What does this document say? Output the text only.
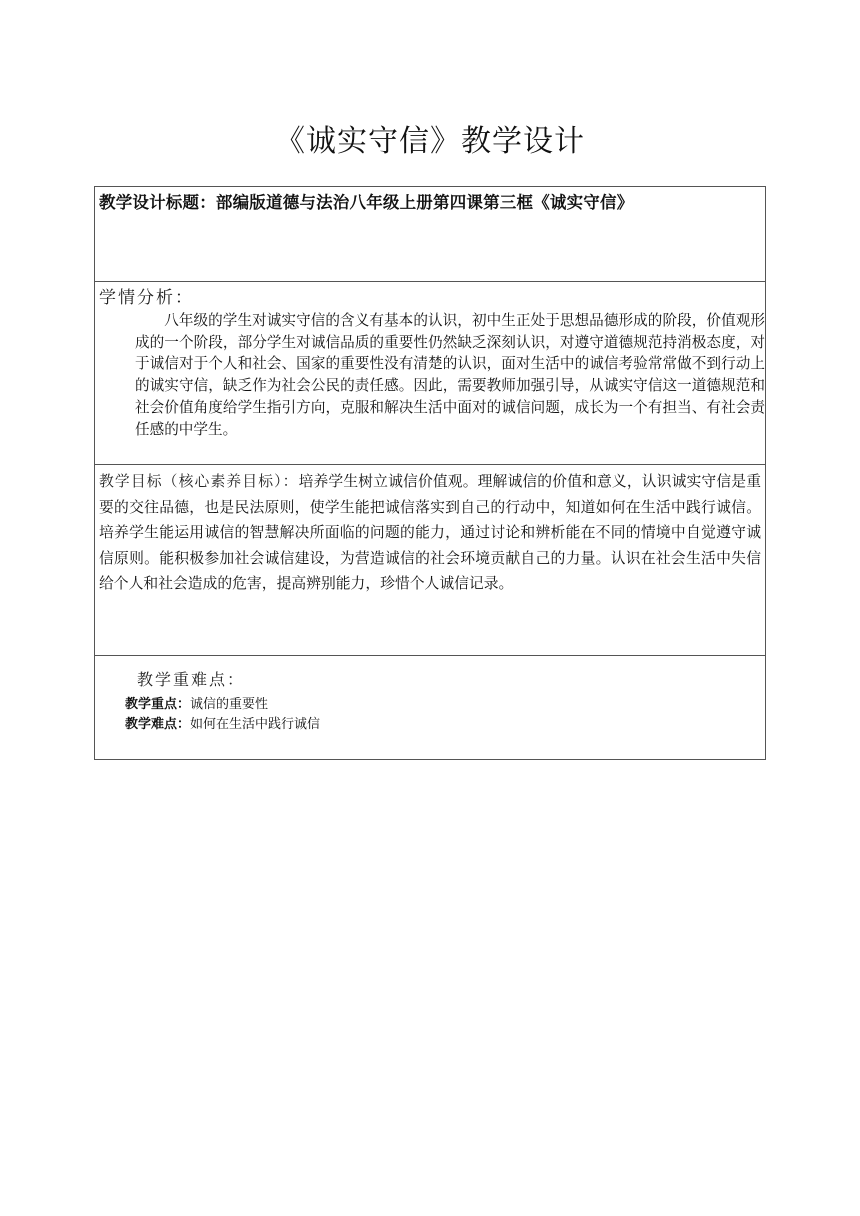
《诚实守信》教学设计
教学设计标题：部编版道德与法治八年级上册第四课第三框《诚实守信》
学情分析：

八年级的学生对诚实守信的含义有基本的认识，初中生正处于思想品德形成的阶段，价值观形成的一个阶段，部分学生对诚信品质的重要性仍然缺乏深刻认识，对遵守道德规范持消极态度，对于诚信对于个人和社会、国家的重要性没有清楚的认识，面对生活中的诚信考验常常做不到行动上的诚实守信，缺乏作为社会公民的责任感。因此，需要教师加强引导，从诚实守信这一道德规范和社会价值角度给学生指引方向，克服和解决生活中面对的诚信问题，成长为一个有担当、有社会责任感的中学生。

教学目标（核心素养目标）：培养学生树立诚信价值观。理解诚信的价值和意义，认识诚实守信是重要的交往品德，也是民法原则，使学生能把诚信落实到自己的行动中，知道如何在生活中践行诚信。培养学生能运用诚信的智慧解决所面临的问题的能力，通过讨论和辨析能在不同的情境中自觉遵守诚信原则。能积极参加社会诚信建设，为营造诚信的社会环境贡献自己的力量。认识在社会生活中失信给个人和社会造成的危害，提高辨别能力，珍惜个人诚信记录。
教学重难点：
教学重点：诚信的重要性
教学难点：如何在生活中践行诚信
